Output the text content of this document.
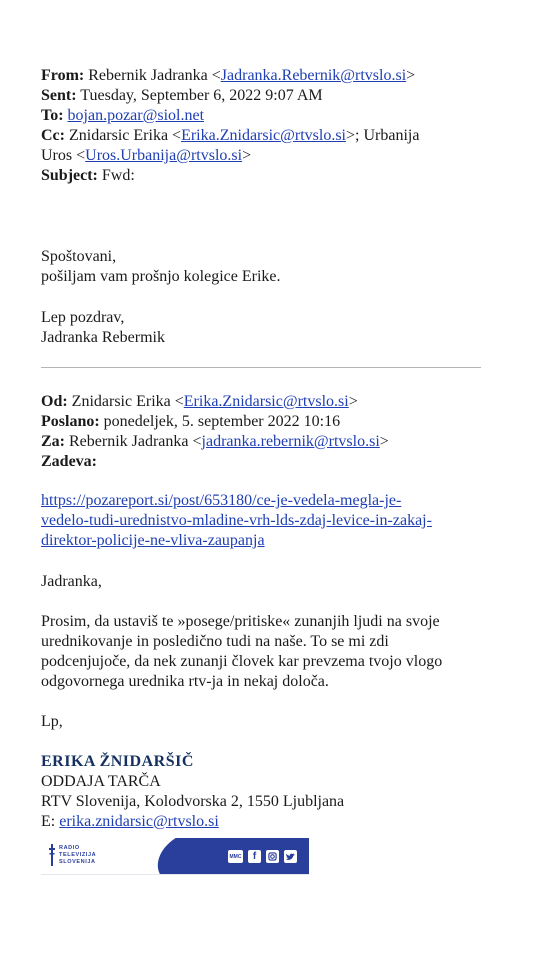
From: Rebernik Jadranka <Jadranka.Rebernik@rtvslo.si>
Sent: Tuesday, September 6, 2022 9:07 AM
To: bojan.pozar@siol.net
Cc: Znidarsic Erika <Erika.Znidarsic@rtvslo.si>; Urbanija
Uros <Uros.Urbanija@rtvslo.si>
Subject: Fwd:
Spoštovani,
pošiljam vam prošnjo kolegice Erike.
Lep pozdrav,
Jadranka Rebermik
Od: Znidarsic Erika <Erika.Znidarsic@rtvslo.si>
Poslano: ponedeljek, 5. september 2022 10:16
Za: Rebernik Jadranka <jadranka.rebernik@rtvslo.si>
Zadeva:
https://pozareport.si/post/653180/ce-je-vedela-megla-je-
vedelo-tudi-urednistvo-mladine-vrh-lds-zdaj-levice-in-zakaj-
direktor-policije-ne-vliva-zaupanja
Jadranka,
Prosim, da ustaviš te »posege/pritiske« zunanjih ljudi na svoje
urednikovanje in posledično tudi na naše. To se mi zdi
podcenjujoče, da nek zunanji človek kar prevzema tvojo vlogo
odgovornega urednika rtv-ja in nekaj določa.
Lp,
ERIKA ŽNIDARŠIČ
ODDAJA TARČA
RTV Slovenija, Kolodvorska 2, 1550 Ljubljana
E: erika.znidarsic@rtvslo.si
RADIO
TELEVIZIJA
SLOVENIJA
MMC	f
